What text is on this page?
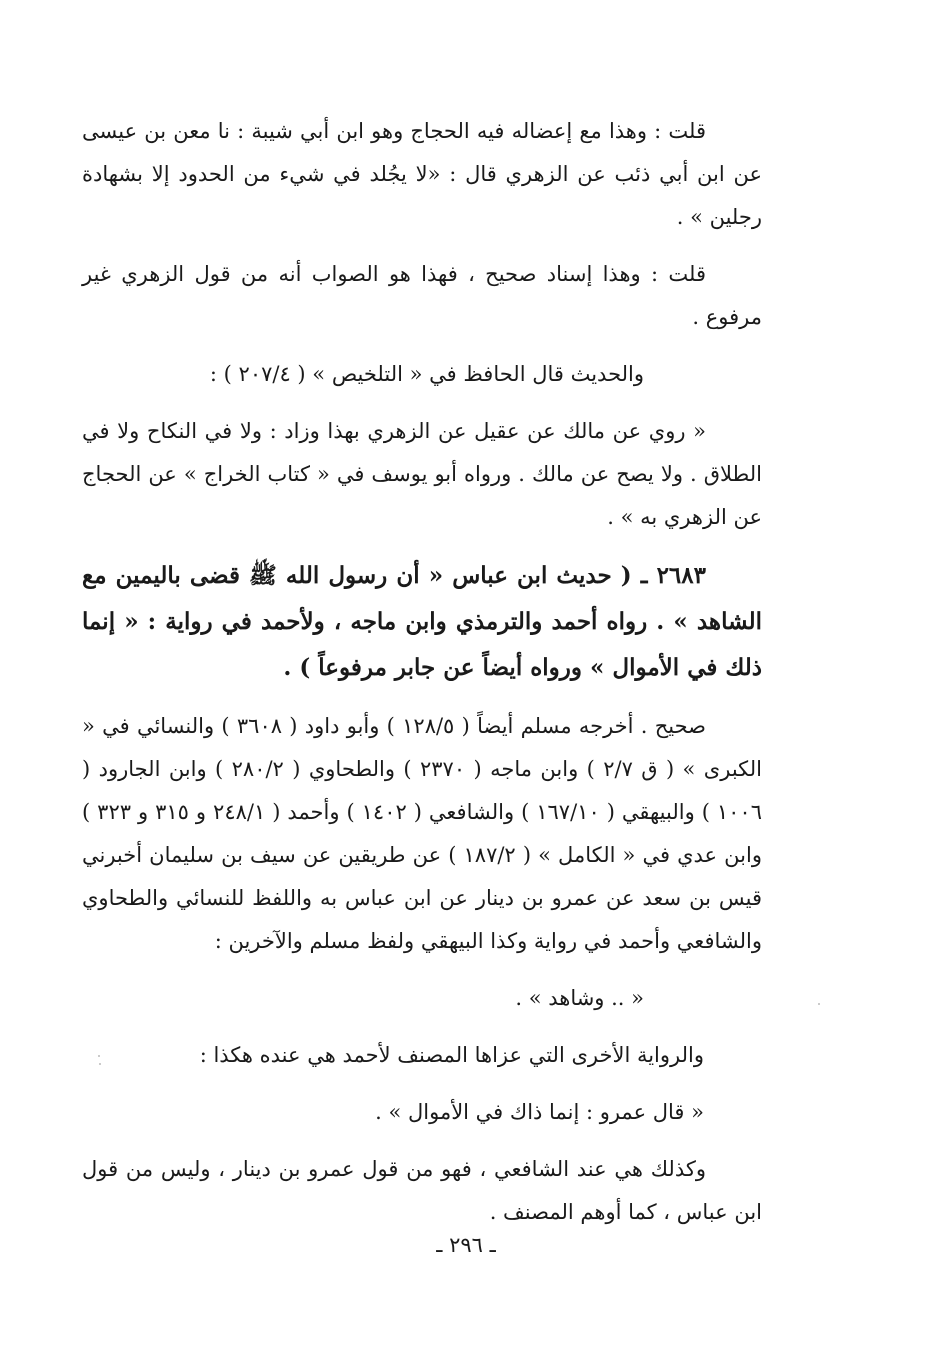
قلت : وهذا مع إعضاله فيه الحجاج وهو ابن أبي شيبة : نا معن بن عيسى عن ابن أبي ذئب عن الزهري قال : «لا يجُلد في شيء من الحدود إلا بشهادة رجلين » .

قلت : وهذا إسناد صحيح ، فهذا هو الصواب أنه من قول الزهري غير مرفوع .

والحديث قال الحافظ في « التلخيص » ( ٢٠٧/٤ ) :

« روي عن مالك عن عقيل عن الزهري بهذا وزاد : ولا في النكاح ولا في الطلاق . ولا يصح عن مالك . ورواه أبو يوسف في « كتاب الخراج » عن الحجاج عن الزهري به » .

٢٦٨٣ ـ ( حديث ابن عباس « أن رسول الله ﷺ قضى باليمين مع الشاهد » . رواه أحمد والترمذي وابن ماجه ، ولأحمد في رواية : « إنما ذلك في الأموال » ورواه أيضاً عن جابر مرفوعاً ) .

صحيح . أخرجه مسلم أيضاً ( ١٢٨/٥ ) وأبو داود ( ٣٦٠٨ ) والنسائي في « الكبرى » ( ق ٢/٧ ) وابن ماجه ( ٢٣٧٠ ) والطحاوي ( ٢٨٠/٢ ) وابن الجارود ( ١٠٠٦ ) والبيهقي ( ١٦٧/١٠ ) والشافعي ( ١٤٠٢ ) وأحمد ( ٢٤٨/١ و ٣١٥ و ٣٢٣ ) وابن عدي في « الكامل » ( ١٨٧/٢ ) عن طريقين عن سيف بن سليمان أخبرني قيس بن سعد عن عمرو بن دينار عن ابن عباس به واللفظ للنسائي والطحاوي والشافعي وأحمد في رواية وكذا البيهقي ولفظ مسلم والآخرين :

« .. وشاهد » .

والرواية الأخرى التي عزاها المصنف لأحمد هي عنده هكذا :

« قال عمرو : إنما ذاك في الأموال » .

وكذلك هي عند الشافعي ، فهو من قول عمرو بن دينار ، وليس من قول ابن عباس ، كما أوهم المصنف .

ـ ٢٩٦ ـ
